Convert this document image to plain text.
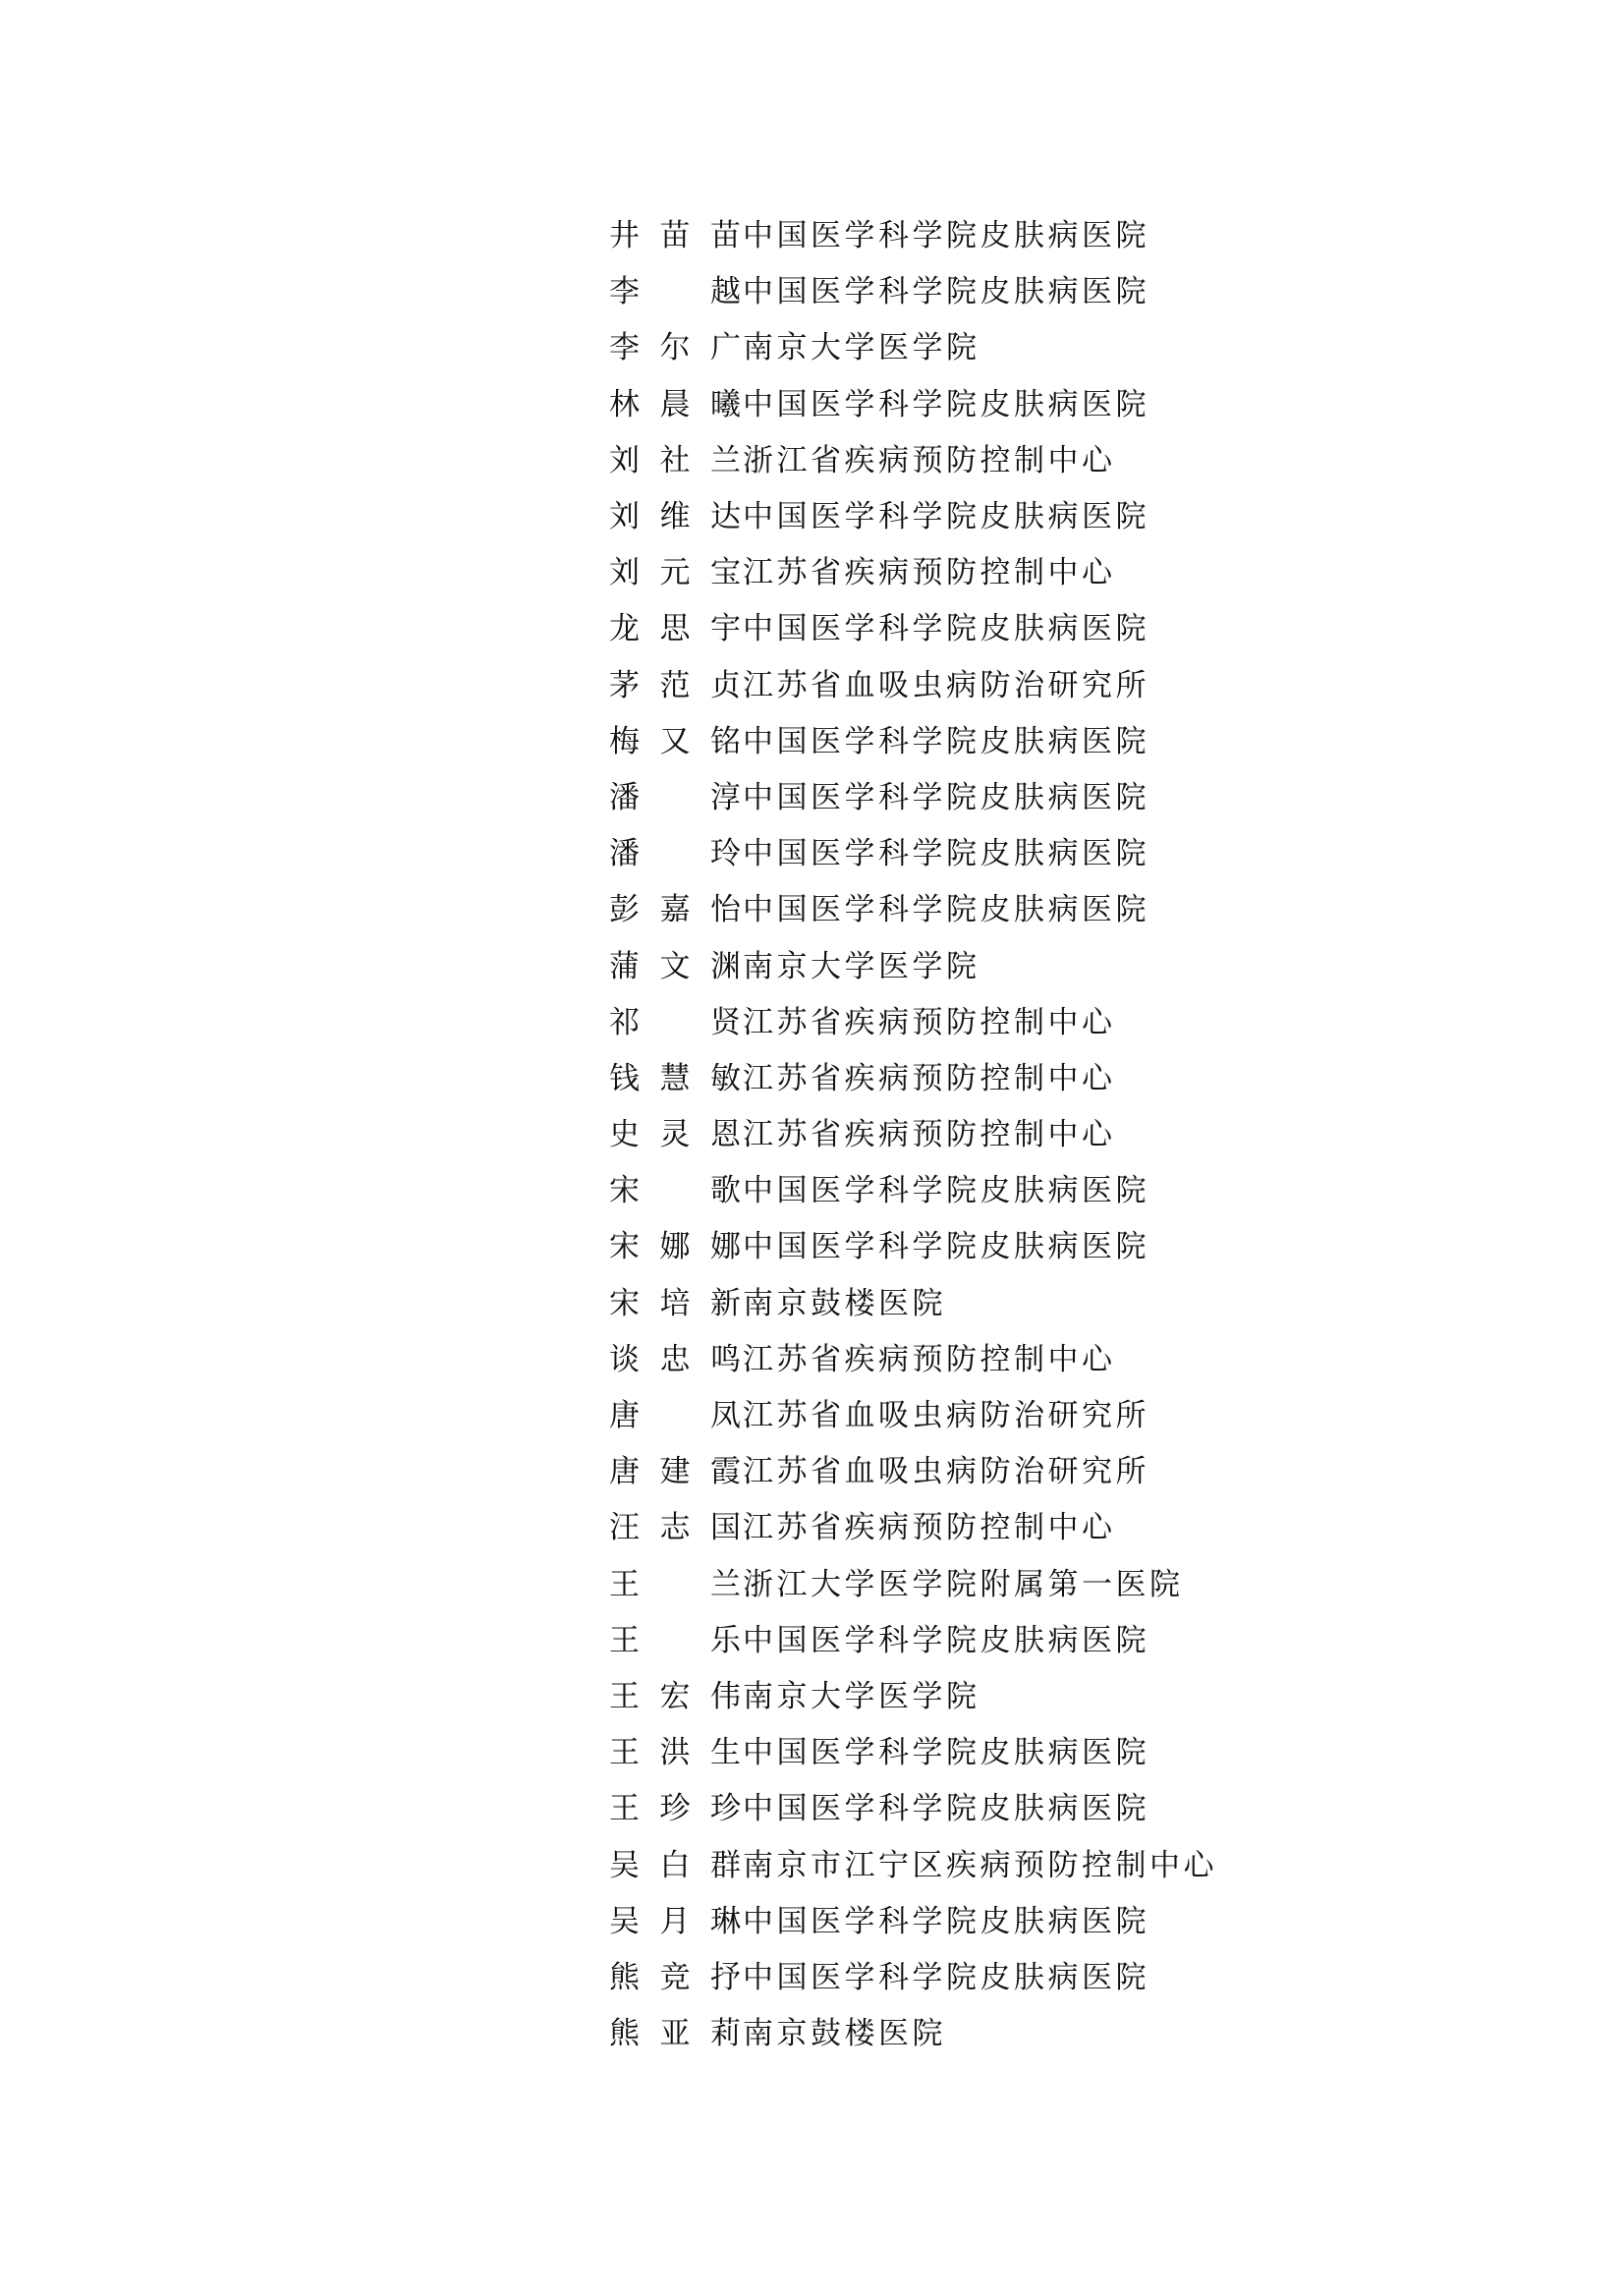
井苗苗 中国医学科学院皮肤病医院
李越 中国医学科学院皮肤病医院
李尔广 南京大学医学院
林晨曦 中国医学科学院皮肤病医院
刘社兰 浙江省疾病预防控制中心
刘维达 中国医学科学院皮肤病医院
刘元宝 江苏省疾病预防控制中心
龙思宇 中国医学科学院皮肤病医院
茅范贞 江苏省血吸虫病防治研究所
梅又铭 中国医学科学院皮肤病医院
潘淳 中国医学科学院皮肤病医院
潘玲 中国医学科学院皮肤病医院
彭嘉怡 中国医学科学院皮肤病医院
蒲文渊 南京大学医学院
祁贤 江苏省疾病预防控制中心
钱慧敏 江苏省疾病预防控制中心
史灵恩 江苏省疾病预防控制中心
宋歌 中国医学科学院皮肤病医院
宋娜娜 中国医学科学院皮肤病医院
宋培新 南京鼓楼医院
谈忠鸣 江苏省疾病预防控制中心
唐凤 江苏省血吸虫病防治研究所
唐建霞 江苏省血吸虫病防治研究所
汪志国 江苏省疾病预防控制中心
王兰 浙江大学医学院附属第一医院
王乐 中国医学科学院皮肤病医院
王宏伟 南京大学医学院
王洪生 中国医学科学院皮肤病医院
王珍珍 中国医学科学院皮肤病医院
吴白群 南京市江宁区疾病预防控制中心
吴月琳 中国医学科学院皮肤病医院
熊竞抒 中国医学科学院皮肤病医院
熊亚莉 南京鼓楼医院
